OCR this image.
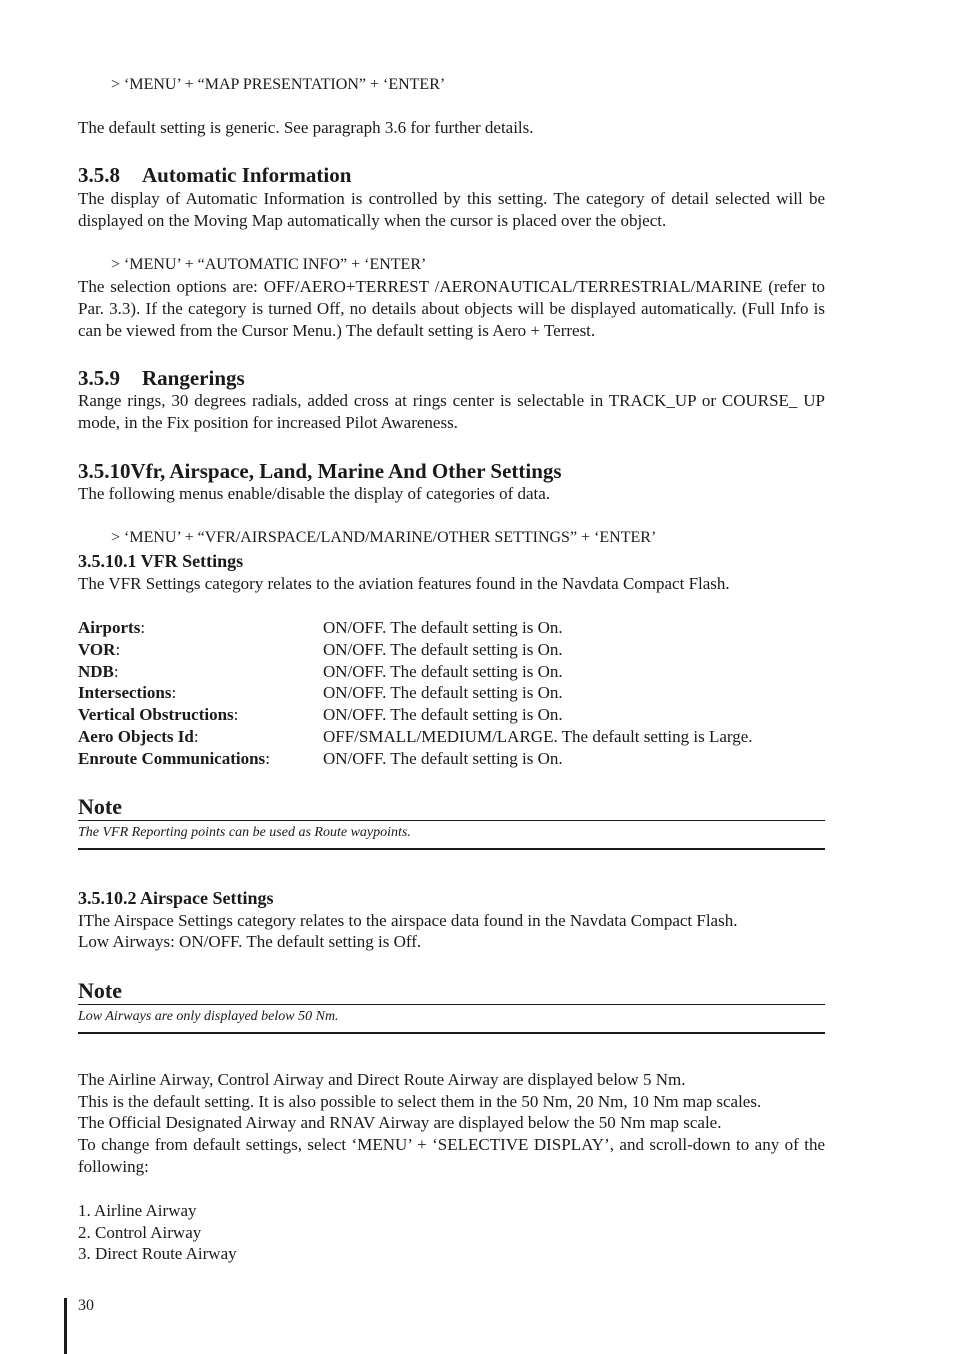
> ‘MENU’ + “MAP PRESENTATION” + ‘ENTER’

The default setting is generic. See paragraph 3.6 for further details.

3.5.8 Automatic Information

The display of Automatic Information is controlled by this setting. The category of detail selected will be displayed on the Moving Map automatically when the cursor is placed over the object.

> ‘MENU’ + “AUTOMATIC INFO” + ‘ENTER’

The selection options are: OFF/AERO+TERREST /AERONAUTICAL/TERRESTRIAL/MARINE (refer to Par. 3.3). If the category is turned Off, no details about objects will be displayed automatically. (Full Info is can be viewed from the Cursor Menu.) The default setting is Aero + Terrest.

3.5.9 Rangerings

Range rings, 30 degrees radials, added cross at rings center is selectable in TRACK_UP or COURSE_ UP mode, in the Fix position for increased Pilot Awareness.

3.5.10Vfr, Airspace, Land, Marine And Other Settings

The following menus enable/disable the display of categories of data.

> ‘MENU’ + “VFR/AIRSPACE/LAND/MARINE/OTHER SETTINGS” + ‘ENTER’

3.5.10.1 VFR Settings

The VFR Settings category relates to the aviation features found in the Navdata Compact Flash.

Airports:	ON/OFF. The default setting is On.
VOR:	ON/OFF. The default setting is On.
NDB:	ON/OFF. The default setting is On.
Intersections:	ON/OFF. The default setting is On.
Vertical Obstructions:	ON/OFF. The default setting is On.
Aero Objects Id:	OFF/SMALL/MEDIUM/LARGE. The default setting is Large.
Enroute Communications:	ON/OFF. The default setting is On.
Note
The VFR Reporting points can be used as Route waypoints.
3.5.10.2 Airspace Settings

IThe Airspace Settings category relates to the airspace data found in the Navdata Compact Flash.

Low Airways: ON/OFF. The default setting is Off.

Note
Low Airways are only displayed below 50 Nm.

The Airline Airway, Control Airway and Direct Route Airway are displayed below 5 Nm.

This is the default setting. It is also possible to select them in the 50 Nm, 20 Nm, 10 Nm map scales.

The Official Designated Airway and RNAV Airway are displayed below the 50 Nm map scale.

To change from default settings, select ‘MENU’ + ‘SELECTIVE DISPLAY’, and scroll-down to any of the following:

1. Airline Airway

2. Control Airway

3. Direct Route Airway

30
